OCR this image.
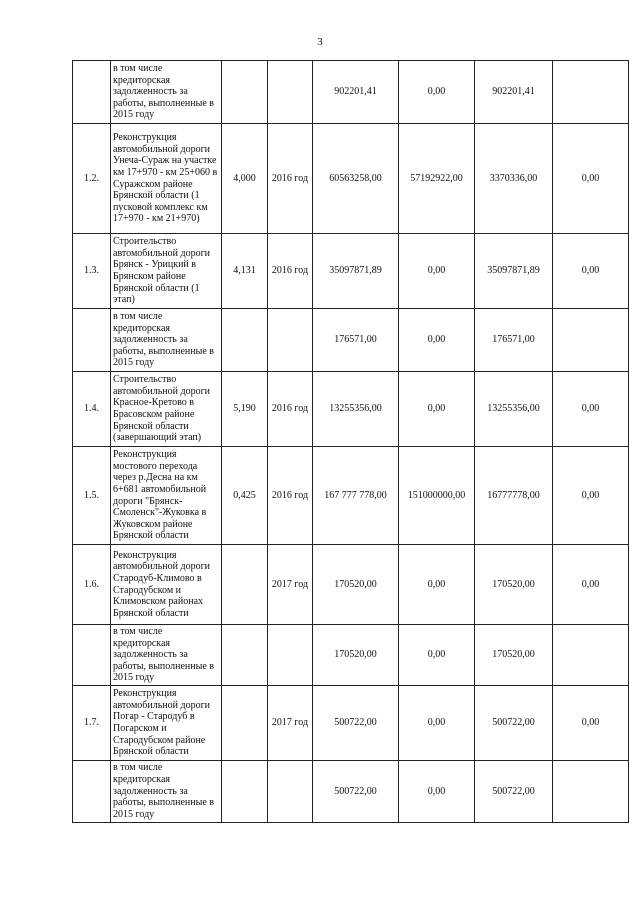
3
	в том числе кредиторская задолженность за работы, выполненные в 2015 году			902201,41	0,00	902201,41	
1.2.	Реконструкция автомобильной дороги Унеча-Сураж на участке км 17+970 - км 25+060 в Суражском районе Брянской области (1 пусковой комплекс км 17+970 - км 21+970)	4,000	2016 год	60563258,00	57192922,00	3370336,00	0,00
1.3.	Строительство автомобильной дороги Брянск - Урицкий в Брянском районе Брянской области (1 этап)	4,131	2016 год	35097871,89	0,00	35097871,89	0,00
	в том числе кредиторская задолженность за работы, выполненные в 2015 году			176571,00	0,00	176571,00	
1.4.	Строительство автомобильной дороги Красное-Кретово в Брасовском районе Брянской области (завершающий этап)	5,190	2016 год	13255356,00	0,00	13255356,00	0,00
1.5.	Реконструкция мостового перехода через р.Десна на км 6+681 автомобильной дороги "Брянск-Смоленск"-Жуковка в Жуковском районе Брянской области	0,425	2016 год	167 777 778,00	151000000,00	16777778,00	0,00
1.6.	Реконструкция автомобильной дороги Стародуб-Климово в Стародубском и Климовском районах Брянской области		2017 год	170520,00	0,00	170520,00	0,00
	в том числе кредиторская задолженность за работы, выполненные в 2015 году			170520,00	0,00	170520,00	
1.7.	Реконструкция автомобильной дороги Погар - Стародуб в Погарском и Стародубском районе Брянской области		2017 год	500722,00	0,00	500722,00	0,00
	в том числе кредиторская задолженность за работы, выполненные в 2015 году			500722,00	0,00	500722,00	
